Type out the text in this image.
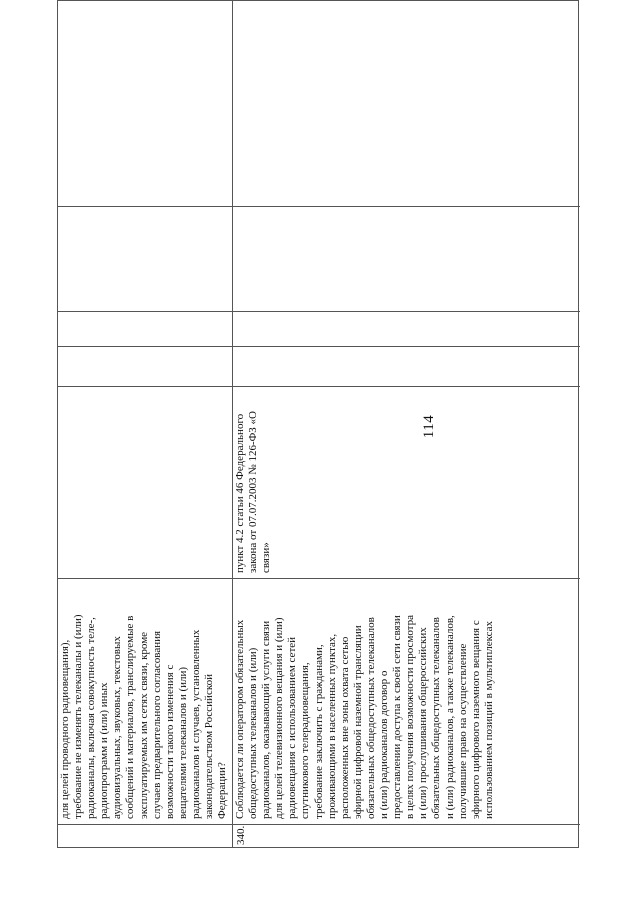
114
для целей проводного радиовещания), требование не изменять телеканалы и (или) радиоканалы, включая совокупность теле-, радиопрограмм и (или) иных аудиовизуальных, звуковых, текстовых сообщений и материалов, транслируемые в эксплуатируемых им сетях связи, кроме случаев предварительного согласования возможности такого изменения с вещателями телеканалов и (или) радиоканалов и случаев, установленных законодательством Российской Федерации?
340.
Соблюдается ли оператором обязательных общедоступных телеканалов и (или) радиоканалов, оказывающий услуги связи для целей телевизионного вещания и (или) радиовещания с использованием сетей спутникового телерадиовещания, требование заключить с гражданами, проживающими в населенных пунктах, расположенных вне зоны охвата сетью эфирной цифровой наземной трансляции обязательных общедоступных телеканалов и (или) радиоканалов договор о предоставлении доступа к своей сети связи в целях получения возможности просмотра и (или) прослушивания общероссийских обязательных общедоступных телеканалов и (или) радиоканалов, а также телеканалов, получившие право на осуществление эфирного цифрового наземного вещания с использованием позиций в мультиплексах
пункт 4.2 статьи 46 Федерального закона от 07.07.2003 № 126-ФЗ «О связи»
